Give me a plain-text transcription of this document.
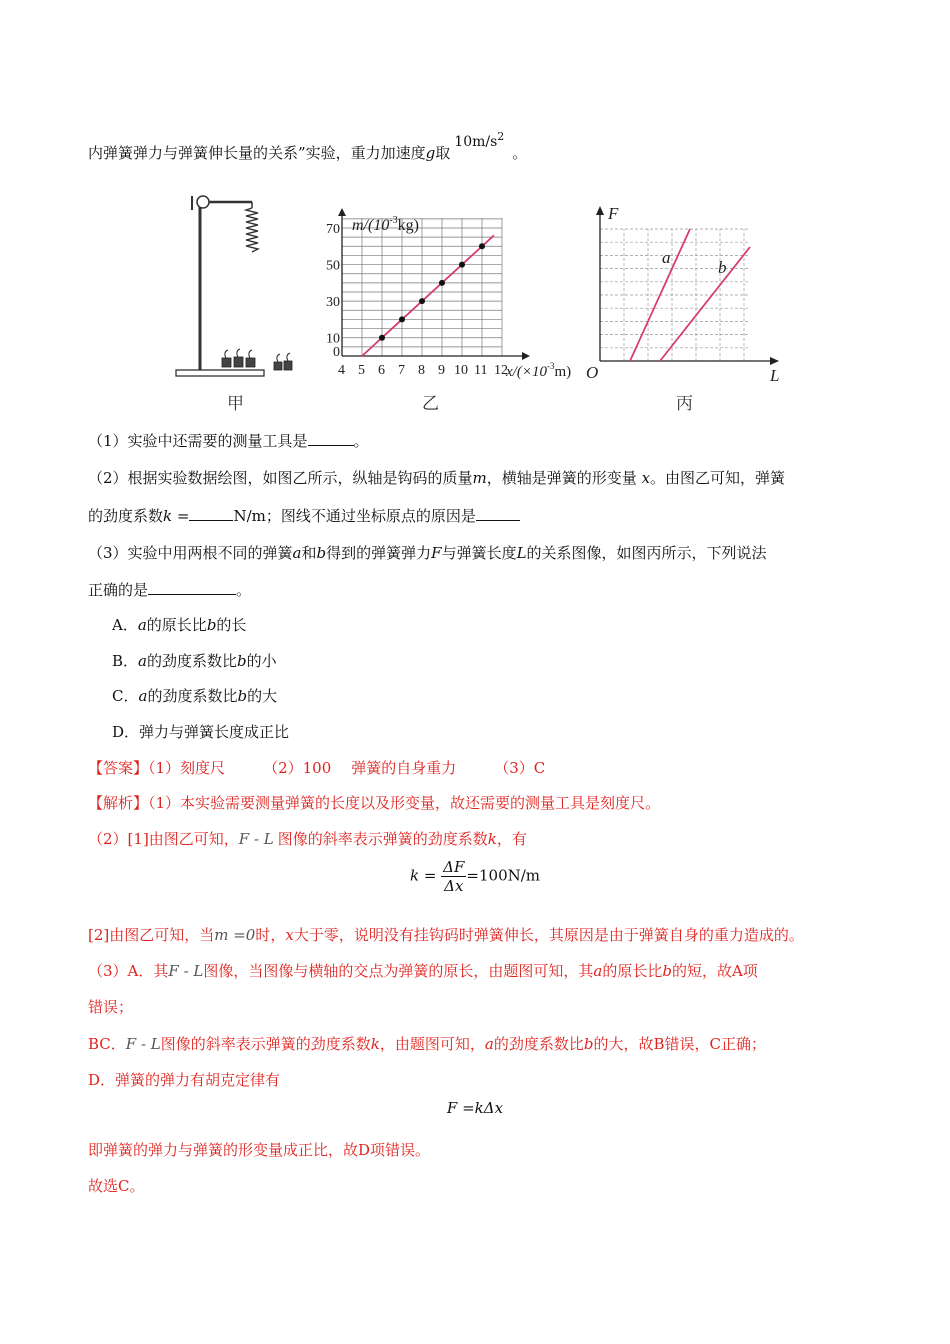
内弹簧弹力与弹簧伸长量的关系”实验，重力加速度g取$10m/s^2$。
甲
4 5 6 7 8 9 10 11 12
0
10
30
50
70 $m/(10^{-3}kg)$
$x/(\times 10^{-3}m)$
乙
F
L
O
a
b
丙
（1）实验中还需要的测量工具是	。
（2）根据实验数据绘图，如图乙所示，纵轴是钩码的质量m，横轴是弹簧的形变量 x。由图乙可知，弹簧
的劲度系数k =	N/m；图线不通过坐标原点的原因是
（3）实验中用两根不同的弹簧a和b得到的弹簧弹力F与弹簧长度L的关系图像，如图丙所示，下列说法
正确的是	。
A．a的原长比b的长
B．a的劲度系数比b的小
C．a的劲度系数比b的大
D．弹力与弹簧长度成正比
【答案】（1）刻度尺	（2）100 弹簧的自身重力	（3）C
【解析】（1）本实验需要测量弹簧的长度以及形变量，故还需要的测量工具是刻度尺。
（2）[1]由图乙可知，F - L 图像的斜率表示弹簧的劲度系数k，有
$k = \frac{\Delta F}{\Delta x} =100N/m$
[2]由图乙可知，当m =0时，x大于零，说明没有挂钩码时弹簧伸长，其原因是由于弹簧自身的重力造成的。
（3）A．其F - L图像，当图像与横轴的交点为弹簧的原长，由题图可知，其a的原长比b的短，故A项
错误；
BC．F - L图像的斜率表示弹簧的劲度系数k，由题图可知，a的劲度系数比b的大，故B错误，C正确；
D．弹簧的弹力有胡克定律有
F =kΔx
即弹簧的弹力与弹簧的形变量成正比，故D项错误。
故选C。
